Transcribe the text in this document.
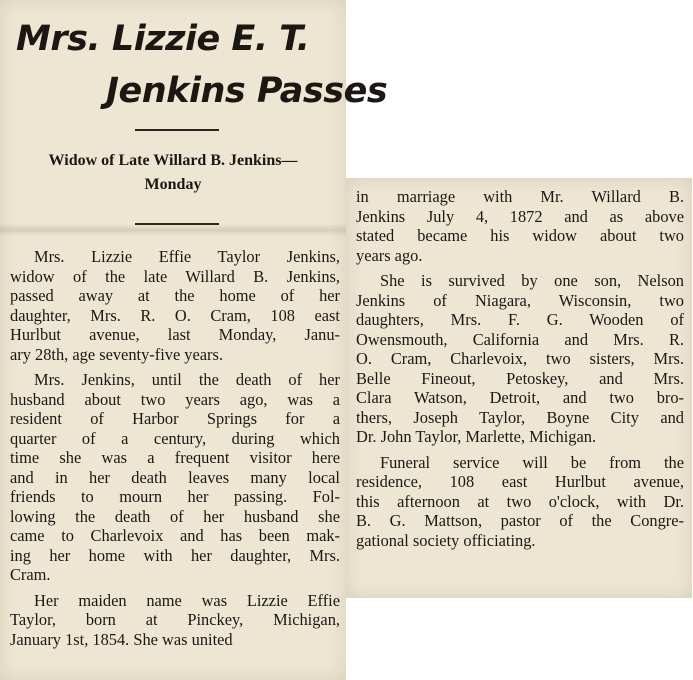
Mrs. Lizzie E. T.
Jenkins Passes
Widow of Late Willard B. Jenkins—
Monday

Mrs. Lizzie Effie Taylor Jenkins,
widow of the late Willard B. Jenkins,
passed away at the home of her
daughter, Mrs. R. O. Cram, 108 east
Hurlbut avenue, last Monday, Janu-
ary 28th, age seventy-five years.

Mrs. Jenkins, until the death of her
husband about two years ago, was a
resident of Harbor Springs for a
quarter of a century, during which
time she was a frequent visitor here
and in her death leaves many local
friends to mourn her passing. Fol-
lowing the death of her husband she
came to Charlevoix and has been mak-
ing her home with her daughter, Mrs.
Cram.

Her maiden name was Lizzie Effie
Taylor, born at Pinckey, Michigan,
January 1st, 1854. She was united

in marriage with Mr. Willard B.
Jenkins July 4, 1872 and as above
stated became his widow about two
years ago.

She is survived by one son, Nelson
Jenkins of Niagara, Wisconsin, two
daughters, Mrs. F. G. Wooden of
Owensmouth, California and Mrs. R.
O. Cram, Charlevoix, two sisters, Mrs.
Belle Fineout, Petoskey, and Mrs.
Clara Watson, Detroit, and two bro-
thers, Joseph Taylor, Boyne City and
Dr. John Taylor, Marlette, Michigan.

Funeral service will be from the
residence, 108 east Hurlbut avenue,
this afternoon at two o'clock, with Dr.
B. G. Mattson, pastor of the Congre-
gational society officiating.
